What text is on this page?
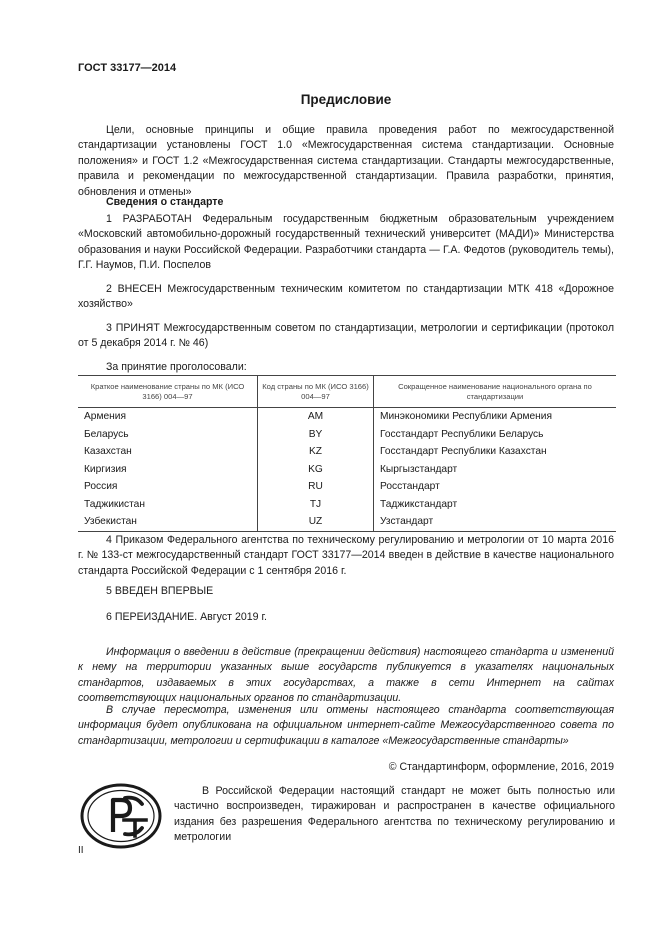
ГОСТ 33177—2014
Предисловие
Цели, основные принципы и общие правила проведения работ по межгосударственной стандартизации установлены ГОСТ 1.0 «Межгосударственная система стандартизации. Основные положения» и ГОСТ 1.2 «Межгосударственная система стандартизации. Стандарты межгосударственные, правила и рекомендации по межгосударственной стандартизации. Правила разработки, принятия, обновления и отмены»
Сведения о стандарте
1 РАЗРАБОТАН Федеральным государственным бюджетным образовательным учреждением «Московский автомобильно-дорожный государственный технический университет (МАДИ)» Министерства образования и науки Российской Федерации. Разработчики стандарта — Г.А. Федотов (руководитель темы), Г.Г. Наумов, П.И. Поспелов
2 ВНЕСЕН Межгосударственным техническим комитетом по стандартизации МТК 418 «Дорожное хозяйство»
3 ПРИНЯТ Межгосударственным советом по стандартизации, метрологии и сертификации (протокол от 5 декабря 2014 г. № 46)
За принятие проголосовали:
Краткое наименование страны по МК (ИСО 3166) 004—97	Код страны по МК (ИСО 3166) 004—97	Сокращенное наименование национального органа по стандартизации
Армения	AM	Минэкономики Республики Армения
Беларусь	BY	Госстандарт Республики Беларусь
Казахстан	KZ	Госстандарт Республики Казахстан
Киргизия	KG	Кыргызстандарт
Россия	RU	Росстандарт
Таджикистан	TJ	Таджикстандарт
Узбекистан	UZ	Узстандарт
4 Приказом Федерального агентства по техническому регулированию и метрологии от 10 марта 2016 г. № 133-ст межгосударственный стандарт ГОСТ 33177—2014 введен в действие в качестве национального стандарта Российской Федерации с 1 сентября 2016 г.
5 ВВЕДЕН ВПЕРВЫЕ
6 ПЕРЕИЗДАНИЕ. Август 2019 г.
Информация о введении в действие (прекращении действия) настоящего стандарта и изменений к нему на территории указанных выше государств публикуется в указателях национальных стандартов, издаваемых в этих государствах, а также в сети Интернет на сайтах соответствующих национальных органов по стандартизации.
В случае пересмотра, изменения или отмены настоящего стандарта соответствующая информация будет опубликована на официальном интернет-сайте Межгосударственного совета по стандартизации, метрологии и сертификации в каталоге «Межгосударственные стандарты»
© Стандартинформ, оформление, 2016, 2019
В Российской Федерации настоящий стандарт не может быть полностью или частично воспроизведен, тиражирован и распространен в качестве официального издания без разрешения Федерального агентства по техническому регулированию и метрологии
II
